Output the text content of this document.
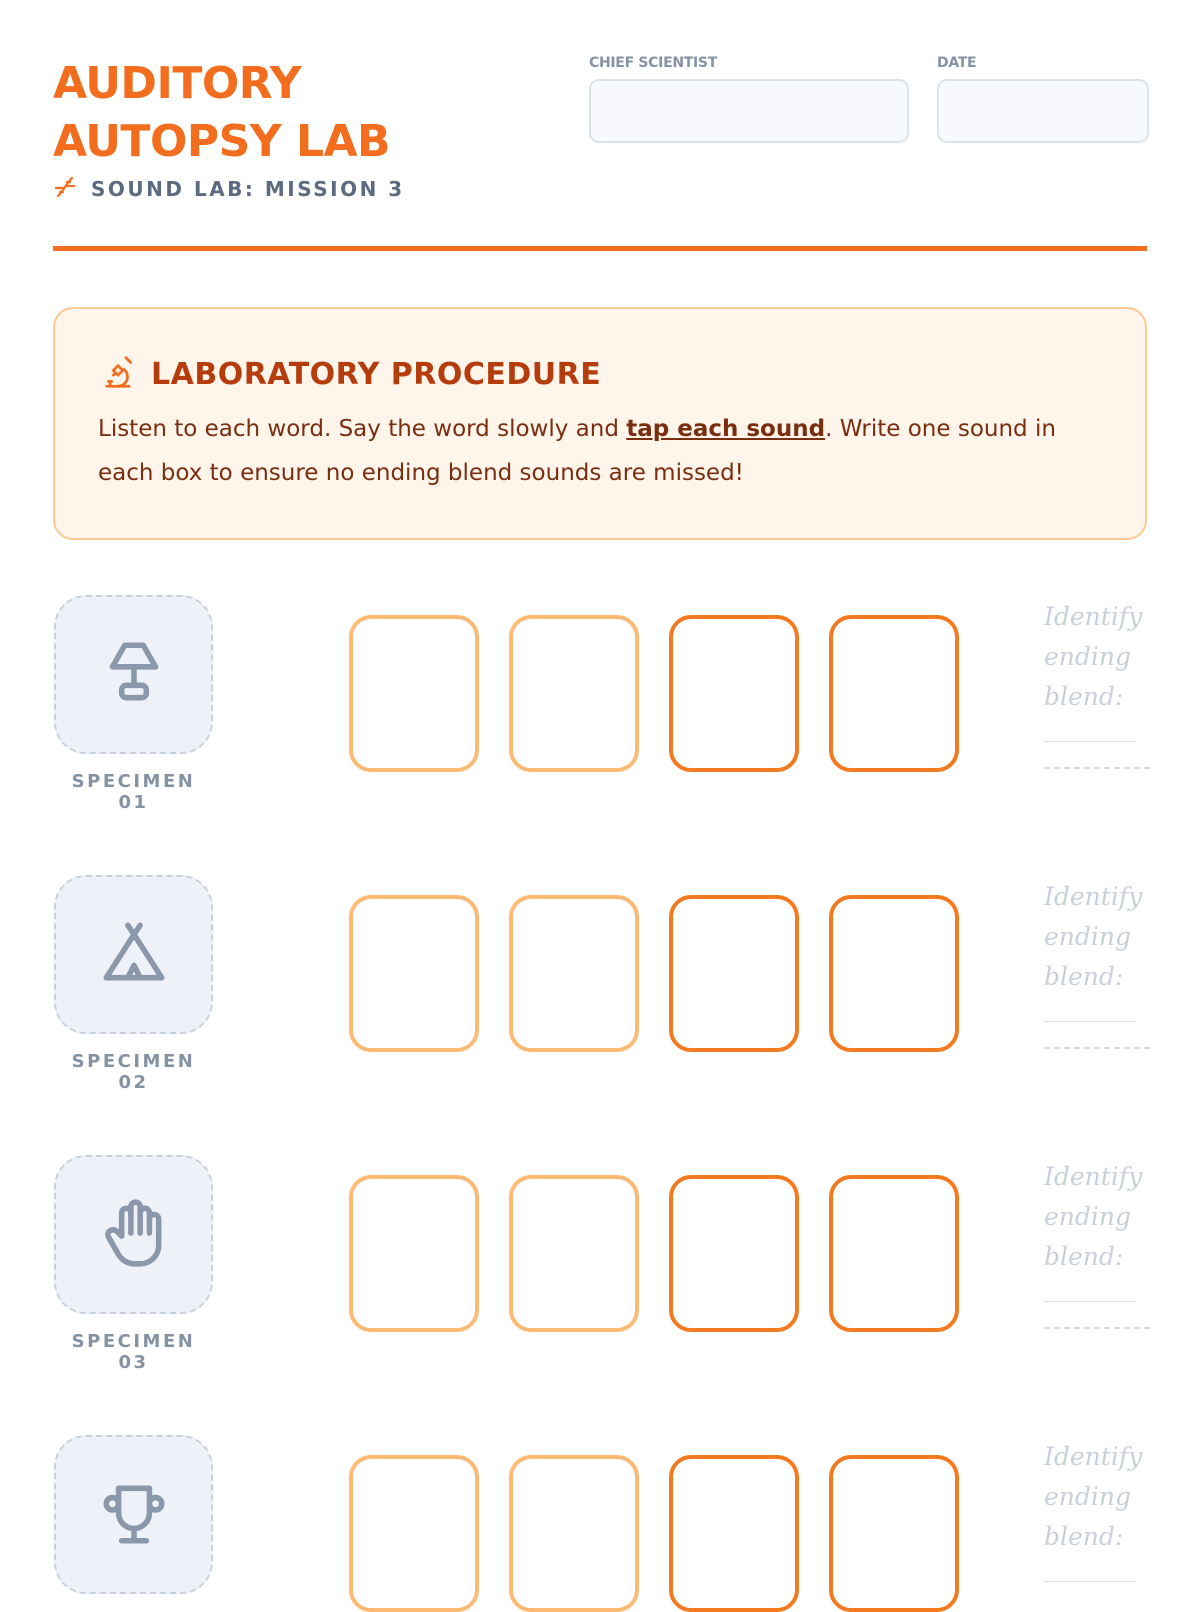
AUDITORY
AUTOPSY LAB
SOUND LAB: MISSION 3
CHIEF SCIENTIST	DATE
LABORATORY PROCEDURE
Listen to each word. Say the word slowly and tap each sound. Write one sound in each box to ensure no ending blend sounds are missed!
SPECIMEN 01
Identify ending blend:
SPECIMEN 02
Identify ending blend:
SPECIMEN 03
Identify ending blend:
Identify ending blend:
